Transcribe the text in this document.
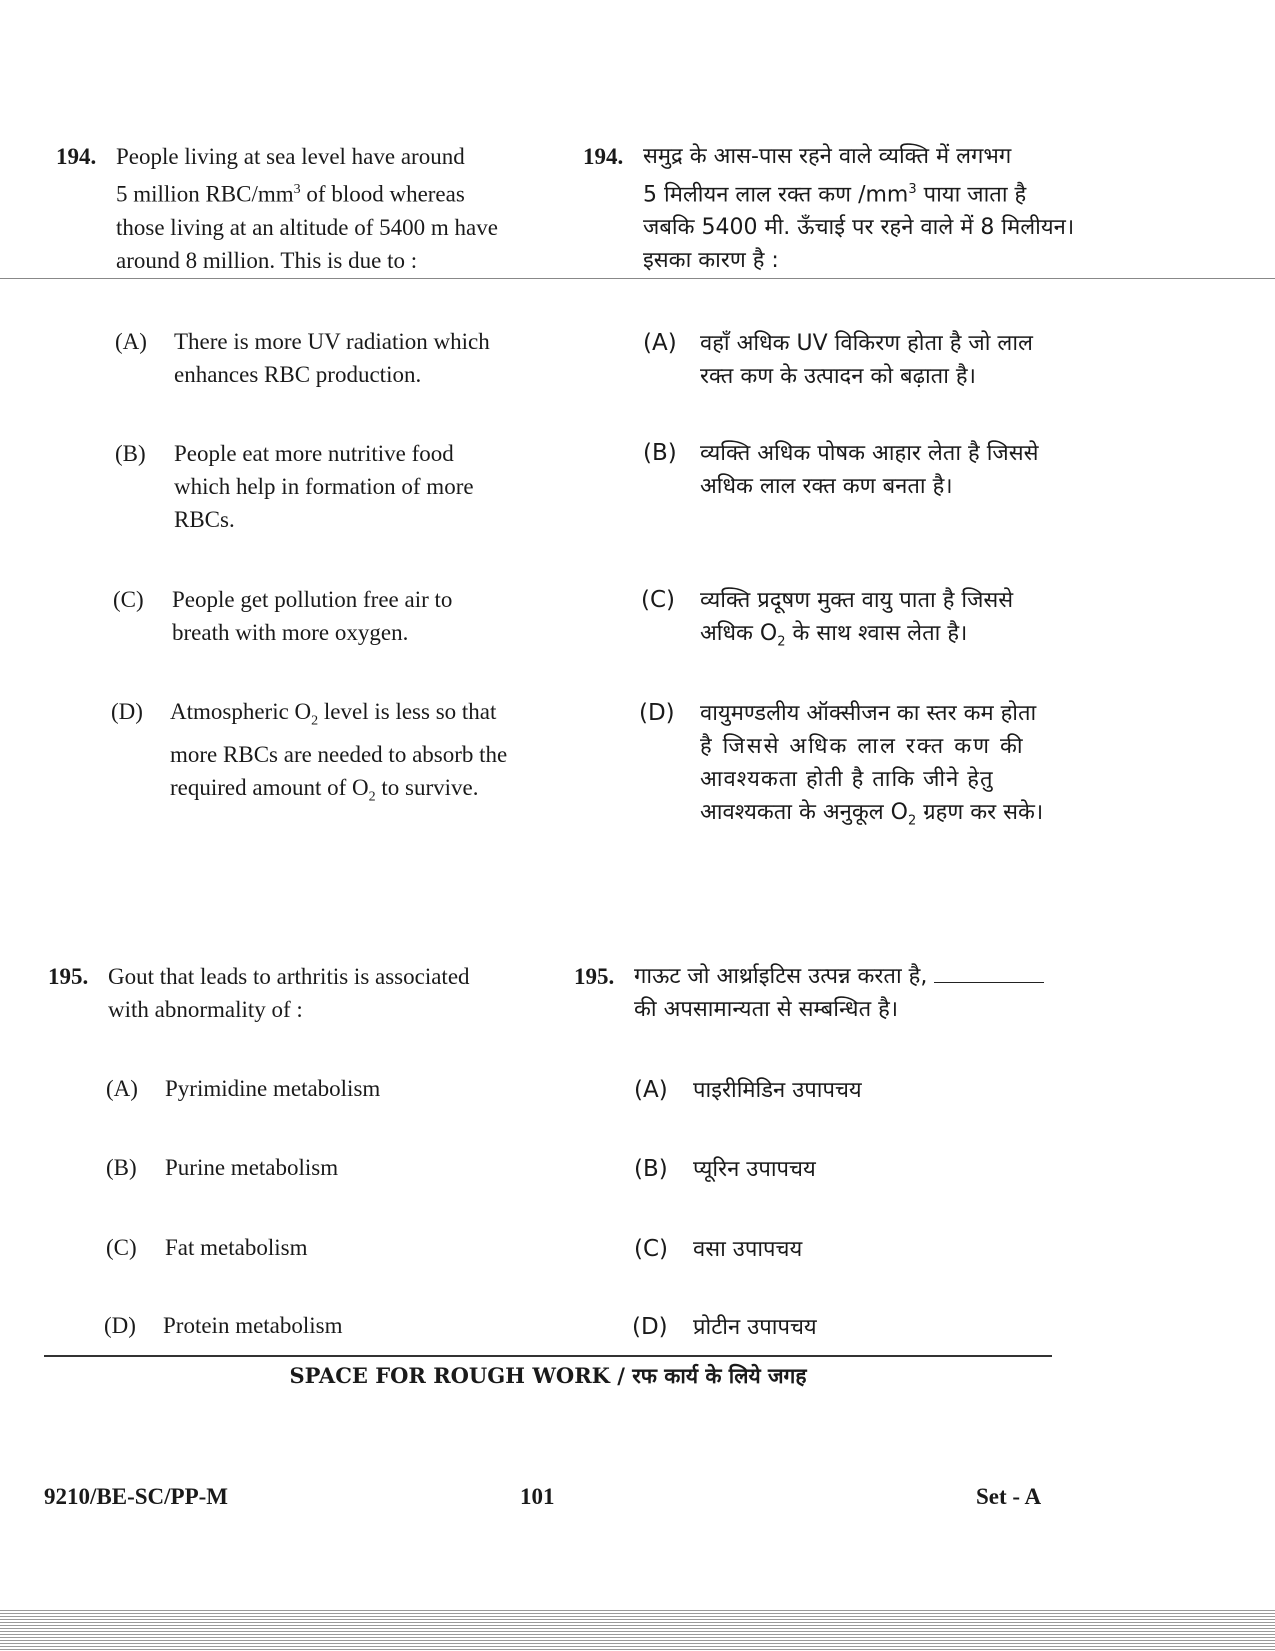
194. People living at sea level have around
5 million RBC/$mm^3$ of blood whereas
those living at an altitude of 5400 m have
around 8 million. This is due to :
194. समुद्र के आस-पास रहने वाले व्यक्ति में लगभग
5 मिलीयन लाल रक्त कण $/mm^3$ पाया जाता है
जबकि 5400 मी. ऊँचाई पर रहने वाले में 8 मिलीयन।
इसका कारण है :
(A) There is more UV radiation which
enhances RBC production.
(B) People eat more nutritive food
which help in formation of more
RBCs.
(C) People get pollution free air to
breath with more oxygen.
(D) Atmospheric $O_2$ level is less so that
more RBCs are needed to absorb the
required amount of $O_2$ to survive.
(A) वहाँ अधिक UV विकिरण होता है जो लाल
रक्त कण के उत्पादन को बढ़ाता है।
(B) व्यक्ति अधिक पोषक आहार लेता है जिससे
अधिक लाल रक्त कण बनता है।
(C) व्यक्ति प्रदूषण मुक्त वायु पाता है जिससे
अधिक $O_2$ के साथ श्वास लेता है।
(D) वायुमण्डलीय ऑक्सीजन का स्तर कम होता
है जिससे अधिक लाल रक्त कण की
आवश्यकता होती है ताकि जीने हेतु
आवश्यकता के अनुकूल $O_2$ ग्रहण कर सके।
195. Gout that leads to arthritis is associated
with abnormality of :
(A) Pyrimidine metabolism
(B) Purine metabolism
(C) Fat metabolism
(D) Protein metabolism
195. गाऊट जो आर्थ्राइटिस उत्पन्न करता है,
की अपसामान्यता से सम्बन्धित है।
(A) पाइरीमिडिन उपापचय
(B) प्यूरिन उपापचय
(C) वसा उपापचय
(D) प्रोटीन उपापचय
SPACE FOR ROUGH WORK / रफ कार्य के लिये जगह
9210/BE-SC/PP-M	101	Set - A
